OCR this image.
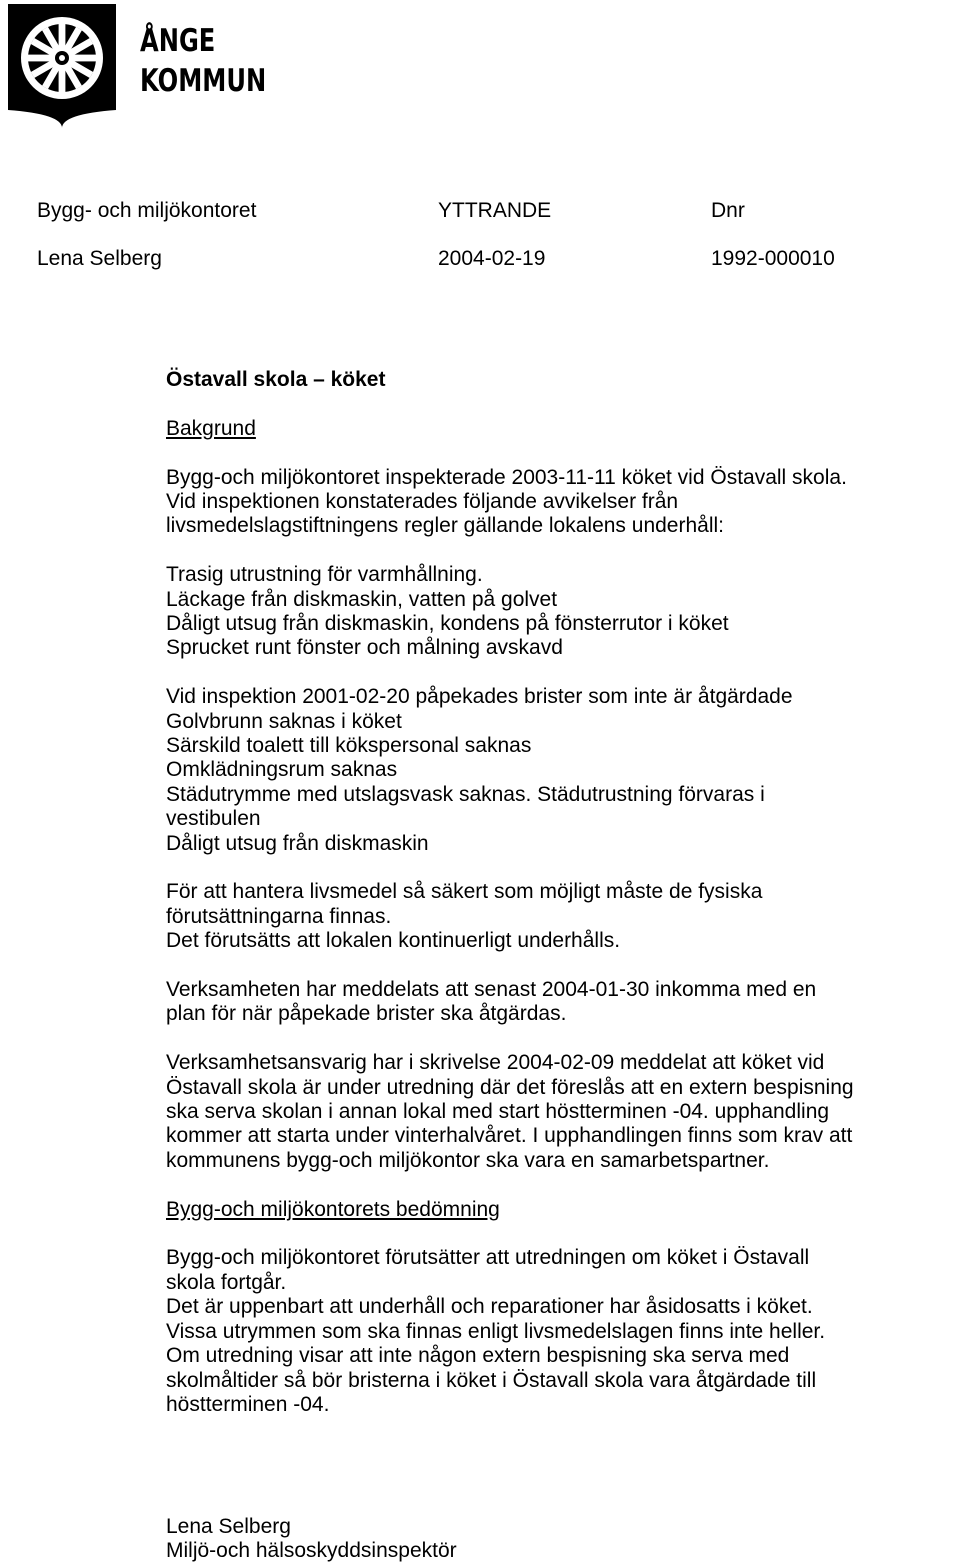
ÅNGE
KOMMUN
Bygg- och miljökontoret	YTTRANDE	Dnr
Lena Selberg	2004-02-19	1992-000010

Östavall skola – köket

Bakgrund

Bygg-och miljökontoret inspekterade 2003-11-11 köket vid Östavall skola.

Vid inspektionen konstaterades följande avvikelser från

livsmedelslagstiftningens regler gällande lokalens underhåll:

Trasig utrustning för varmhållning.

Läckage från diskmaskin, vatten på golvet

Dåligt utsug från diskmaskin, kondens på fönsterrutor i köket

Sprucket runt fönster och målning avskavd

Vid inspektion 2001-02-20 påpekades brister som inte är åtgärdade

Golvbrunn saknas i köket

Särskild toalett till kökspersonal saknas

Omklädningsrum saknas

Städutrymme med utslagsvask saknas. Städutrustning förvaras i

vestibulen

Dåligt utsug från diskmaskin

För att hantera livsmedel så säkert som möjligt måste de fysiska

förutsättningarna finnas.

Det förutsätts att lokalen kontinuerligt underhålls.

Verksamheten har meddelats att senast 2004-01-30 inkomma med en

plan för när påpekade brister ska åtgärdas.

Verksamhetsansvarig har i skrivelse 2004-02-09 meddelat att köket vid

Östavall skola är under utredning där det föreslås att en extern bespisning

ska serva skolan i annan lokal med start höstterminen -04. upphandling

kommer att starta under vinterhalvåret. I upphandlingen finns som krav att

kommunens bygg-och miljökontor ska vara en samarbetspartner.

Bygg-och miljökontorets bedömning

Bygg-och miljökontoret förutsätter att utredningen om köket i Östavall

skola fortgår.

Det är uppenbart att underhåll och reparationer har åsidosatts i köket.

Vissa utrymmen som ska finnas enligt livsmedelslagen finns inte heller.

Om utredning visar att inte någon extern bespisning ska serva med

skolmåltider så bör bristerna i köket i Östavall skola vara åtgärdade till

höstterminen -04.

Lena Selberg

Miljö-och hälsoskyddsinspektör
